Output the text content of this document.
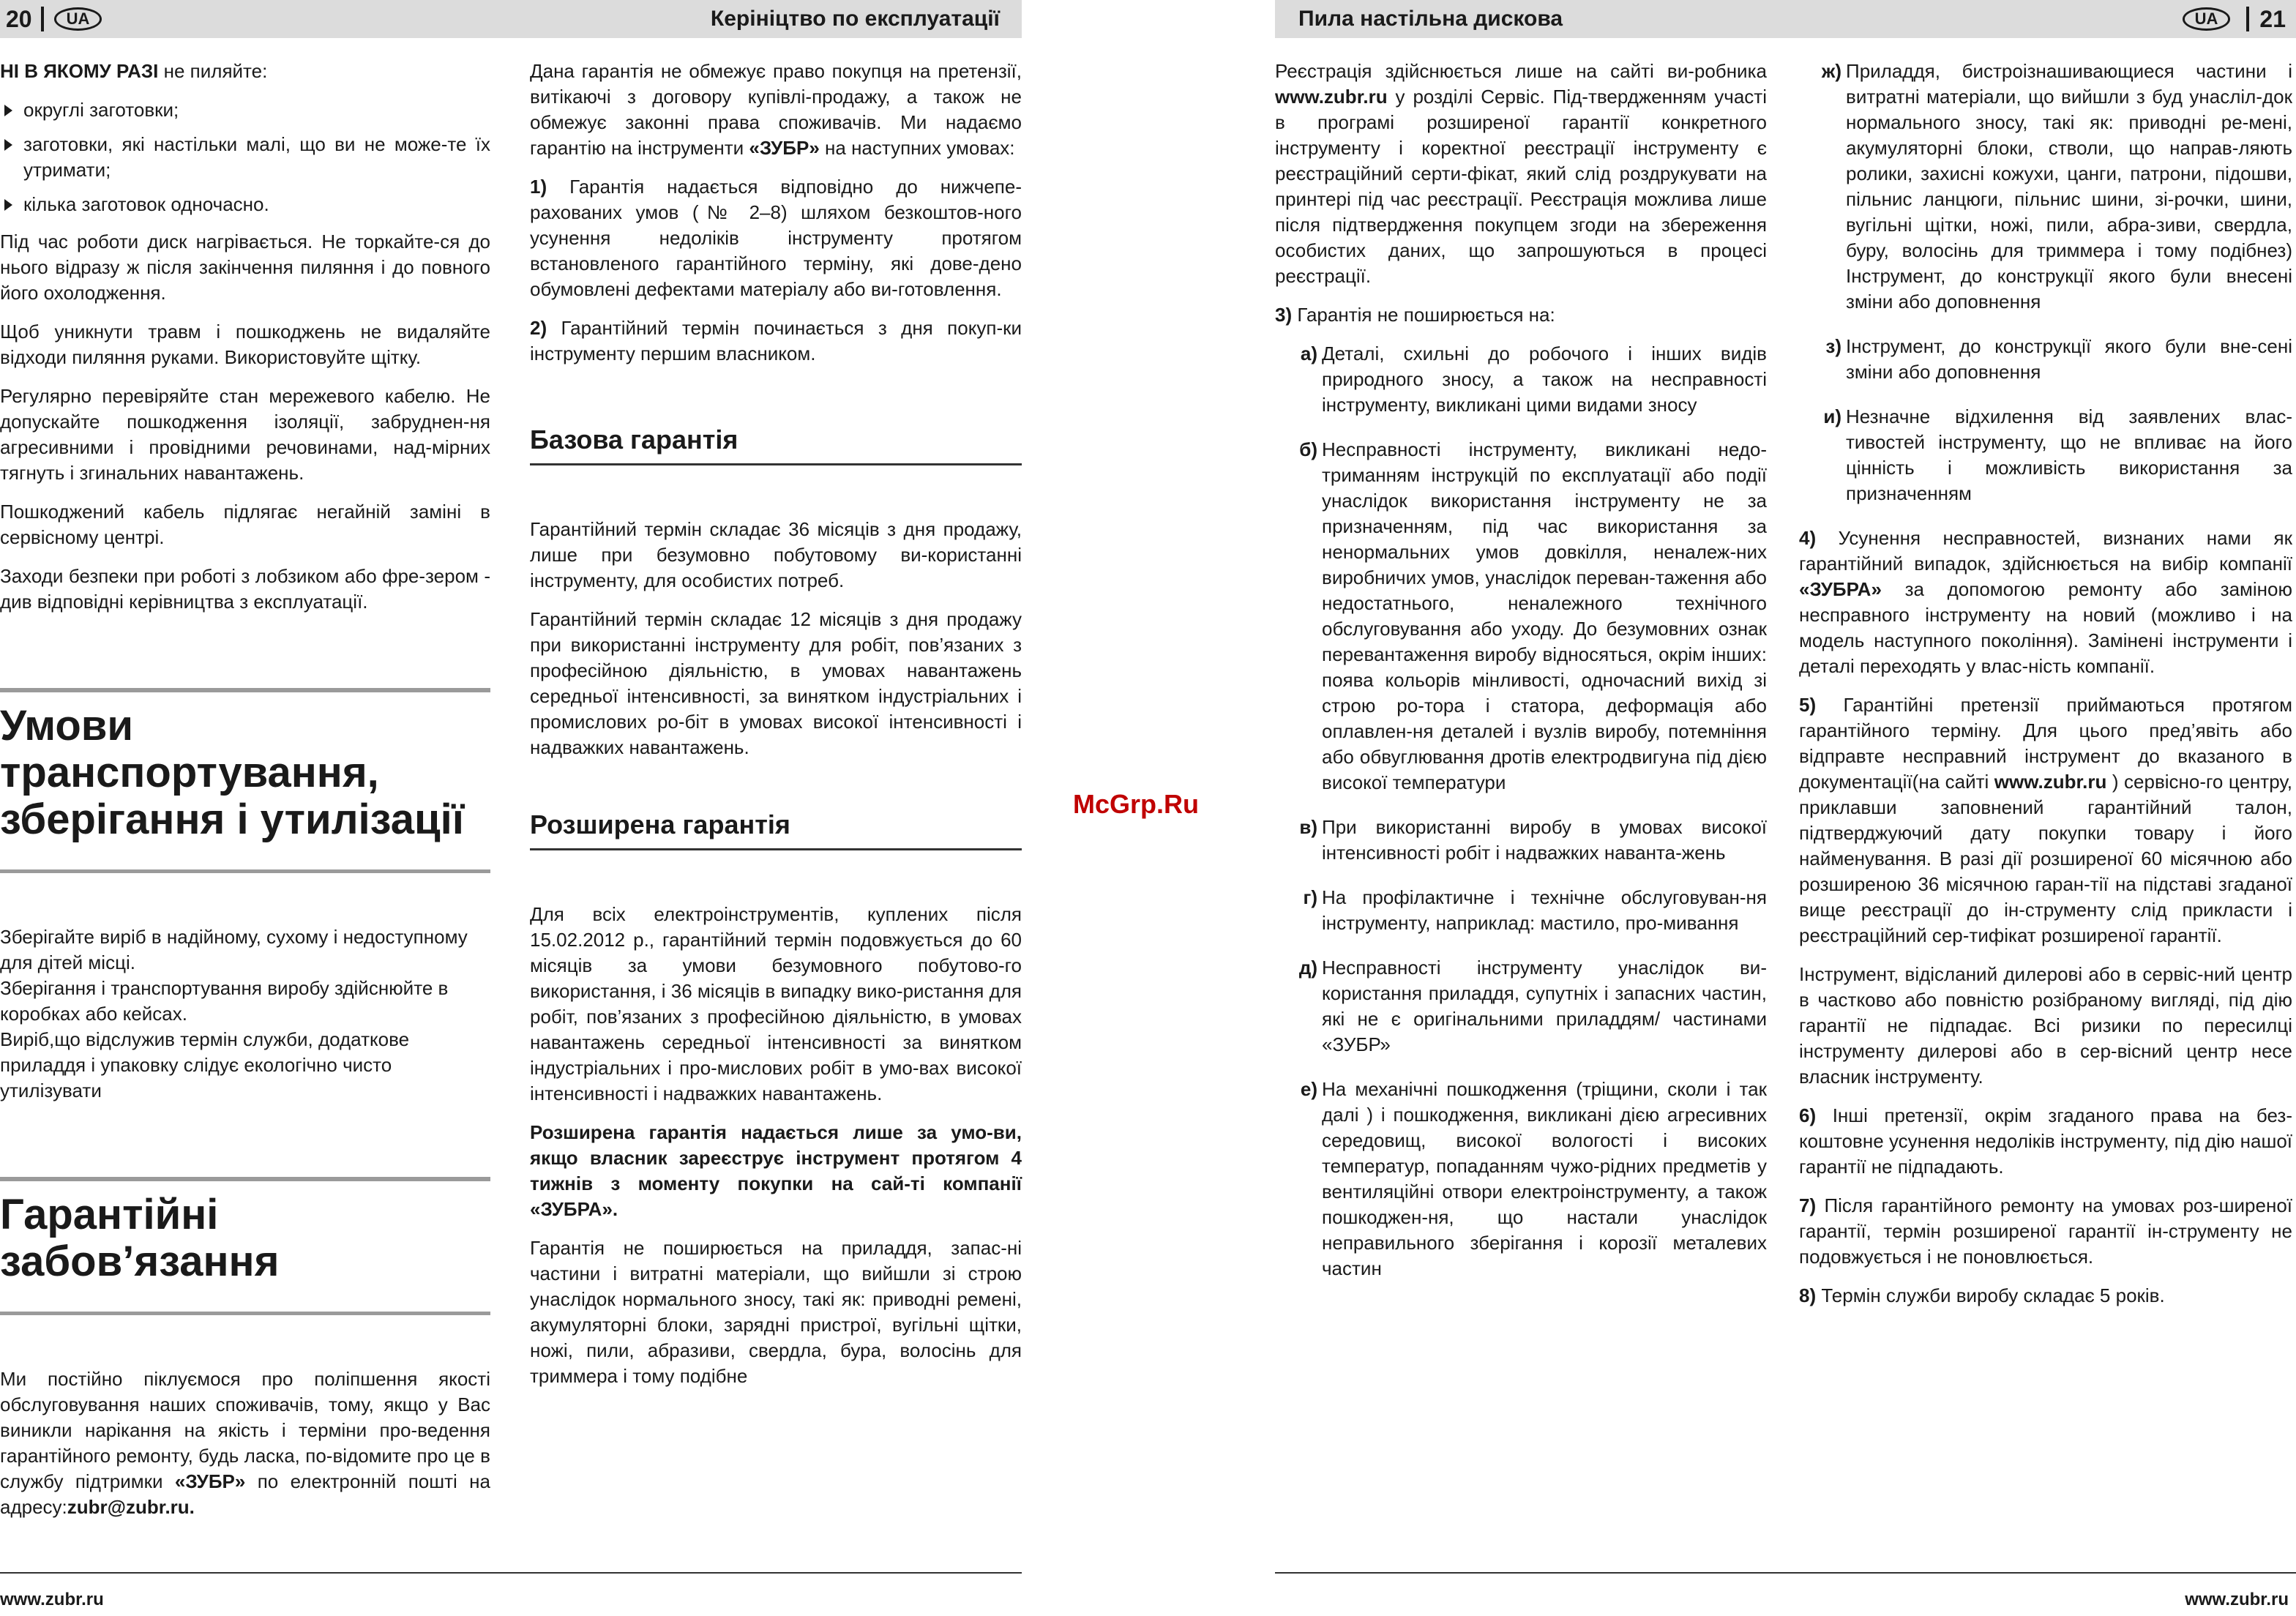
20	UA	Керініцтво по експлуатації	Пила настільна дискова	UA	21

НІ В ЯКОМУ РАЗІ не пиляйте:

округлі заготовки;
заготовки, які настільки малі, що ви не може-те їх утримати;
кілька заготовок одночасно.

Під час роботи диск нагрівається. Не торкайте-ся до нього відразу ж після закінчення пиляння і до повного його охолодження.

Щоб уникнути травм і пошкоджень не видаляйте відходи пиляння руками. Використовуйте щітку.

Регулярно перевіряйте стан мережевого кабелю. Не допускайте пошкодження ізоляції, забруднен-ня агресивними і провідними речовинами, над-мірних тягнуть і згинальних навантажень.

Пошкоджений кабель підлягає негайній заміні в сервісному центрі.

Заходи безпеки при роботі з лобзиком або фре-зером - див відповідні керівництва з експлуатації.

Умови транспортування, зберігання і утилізації

Зберігайте виріб в надійному, сухому і недоступному для дітей місці.

Зберігання і транспортування виробу здійснюйте в коробках або кейсах.

Виріб,що відслужив термін служби, додаткове приладдя і упаковку слідує екологічно чисто утилізувати

Гарантійні забов’язання

Ми постійно піклуємося про поліпшення якості обслуговування наших споживачів, тому, якщо у Вас виникли нарікання на якість і терміни про-ведення гарантійного ремонту, будь ласка, по-відомите про це в службу підтримки «ЗУБР» по електронній пошті на адресу:zubr@zubr.ru.

Дана гарантія не обмежує право покупця на претензії, витікаючі з договору купівлі-продажу, а також не обмежує законні права споживачів. Ми надаємо гарантію на інструменти «ЗУБР» на наступних умовах:

1) Гарантія надається відповідно до нижчепе-рахованих умов (№ 2–8) шляхом безкоштов-ного усунення недоліків інструменту протягом встановленого гарантійного терміну, які дове-дено обумовлені дефектами матеріалу або ви-готовлення.

2) Гарантійний термін починається з дня покуп-ки інструменту першим власником.

Базова гарантія

Гарантійний термін складає 36 місяців з дня продажу, лише при безумовно побутовому ви-користанні інструменту, для особистих потреб.

Гарантійний термін складає 12 місяців з дня продажу при використанні інструменту для робіт, пов’язаних з професійною діяльністю, в умовах навантажень середньої інтенсивності, за винятком індустріальних і промислових ро-біт в умовах високої інтенсивності і надважких навантажень.

Розширена гарантія

Для всіх електроінструментів, куплених після 15.02.2012 р., гарантійний термін подовжується до 60 місяців за умови безумовного побутово-го використання, і 36 місяців в випадку вико-ристання для робіт, пов’язаних з професійною діяльністю, в умовах навантажень середньої інтенсивності за винятком індустріальних і про-мислових робіт в умо-вах високої інтенсивності і надважких навантажень.

Розширена гарантія надається лише за умо-ви, якщо власник зареєструє інструмент протягом 4 тижнів з моменту покупки на сай-ті компанії «ЗУБРА».

Гарантія не поширюється на приладдя, запас-ні частини і витратні матеріали, що вийшли зі строю унаслідок нормального зносу, такі як: приводні ремені, акумуляторні блоки, зарядні пристрої, вугільні щітки, ножі, пили, абразиви, свердла, бура, волосінь для триммера і тому подібне

McGrp.Ru

Реєстрація здійснюється лише на сайті ви-робника www.zubr.ru у розділі Сервіс. Під-твердженням участі в програмі розширеної гарантії конкретного інструменту і коректної реєстрації інструменту є реєстраційний серти-фікат, який слід роздрукувати на принтері під час реєстрації. Реєстрація можлива лише після підтвердження покупцем згоди на збереження особистих даних, що запрошуються в процесі реєстрації.

3) Гарантія не поширюється на:

а) Деталі, схильні до робочого і інших видів природного зносу, а також на несправності інструменту, викликані цими видами зносу
б) Несправності інструменту, викликані недо-триманням інструкцій по експлуатації або події унаслідок використання інструменту не за призначенням, під час використання за ненормальних умов довкілля, неналеж-них виробничих умов, унаслідок переван-таження або недостатнього, неналежного технічного обслуговування або уходу. До безумовних ознак перевантаження виробу відносяться, окрім інших: поява кольорів мінливості, одночасний вихід зі строю ро-тора і статора, деформація або оплавлен-ня деталей і вузлів виробу, потемніння або обвуглювання дротів електродвигуна під дією високої температури
в) При використанні виробу в умовах високої інтенсивності робіт і надважких наванта-жень
г) На профілактичне і технічне обслуговуван-ня інструменту, наприклад: мастило, про-мивання
д) Несправності інструменту унаслідок ви-користання приладдя, супутніх і запасних частин, які не є оригінальними приладдям/ частинами «ЗУБР»
е) На механічні пошкодження (тріщини, сколи і так далі ) і пошкодження, викликані дією агресивних середовищ, високої вологості і високих температур, попаданням чужо-рідних предметів у вентиляційні отвори електроінструменту, а також пошкоджен-ня, що настали унаслідок неправильного зберігання і корозії металевих частин
ж) Приладдя, бистроізнашивающиеся частини і витратні матеріали, що вийшли з буд унасліл-док нормального зносу, такі як: приводні ре-мені, акумуляторні блоки, стволи, що направ-ляють ролики, захисні кожухи, цанги, патрони, підошви, пільнис ланцюги, пільнис шини, зі-рочки, шини, вугільні щітки, ножі, пили, абра-зиви, свердла, буру, волосінь для триммера і тому подібнез) Інструмент, до конструкції якого були внесені зміни або доповнення
з) Інструмент, до конструкції якого були вне-сені зміни або доповнення
и) Незначне відхилення від заявлених влас-тивостей інструменту, що не впливає на його цінність і можливість використання за призначенням

4) Усунення несправностей, визнаних нами як гарантійний випадок, здійснюється на вибір компанії «ЗУБРА» за допомогою ремонту або заміною несправного інструменту на новий (можливо і на модель наступного покоління). Замінені інструменти і деталі переходять у влас-ність компанії.

5) Гарантійні претензії приймаються протягом гарантійного терміну. Для цього пред’явіть або відправте несправний інструмент до вказаного в документації(на сайті www.zubr.ru ) сервісно-го центру, приклавши заповнений гарантійний талон, підтверджуючий дату покупки товару і його найменування. В разі дії розширеної 60 місячною або розширеною 36 місячною гаран-тії на підставі згаданої вище реєстрації до ін-струменту слід прикласти і реєстраційний сер-тифікат розширеної гарантії.

Інструмент, відісланий дилерові або в сервіс-ний центр в частково або повністю розібраному вигляді, під дію гарантії не підпадає. Всі ризики по пересилці інструменту дилерові або в сер-вісний центр несе власник інструменту.

6) Інші претензії, окрім згаданого права на без-коштовне усунення недоліків інструменту, під дію нашої гарантії не підпадають.

7) Після гарантійного ремонту на умовах роз-ширеної гарантії, термін розширеної гарантії ін-струменту не подовжується і не поновлюється.

8) Термін служби виробу складає 5 років.

www.zubr.ru	www.zubr.ru
